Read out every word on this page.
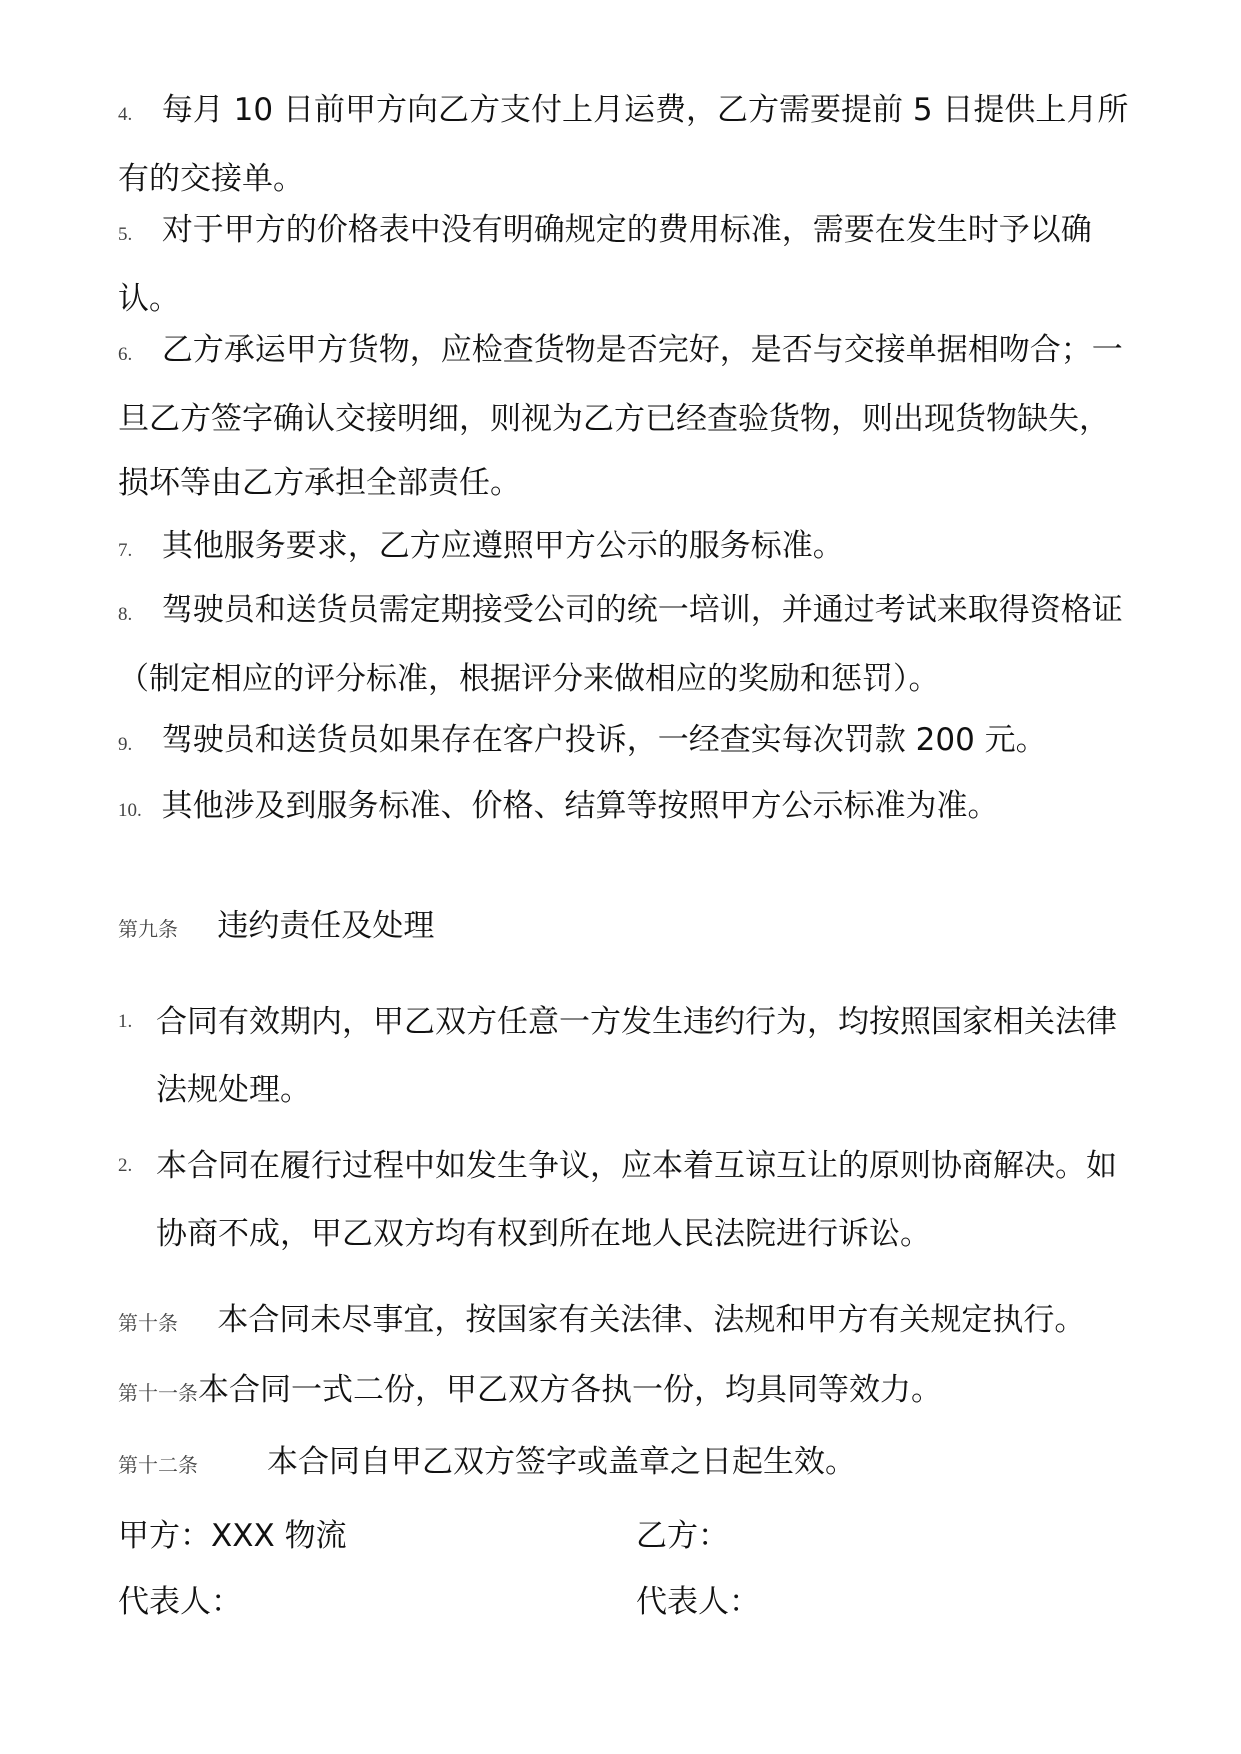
4. 每月 10 日前甲方向乙方支付上月运费，乙方需要提前 5 日提供上月所有的交接单。
5. 对于甲方的价格表中没有明确规定的费用标准，需要在发生时予以确认。
6. 乙方承运甲方货物，应检查货物是否完好，是否与交接单据相吻合；一旦乙方签字确认交接明细，则视为乙方已经查验货物，则出现货物缺失，损坏等由乙方承担全部责任。
7. 其他服务要求，乙方应遵照甲方公示的服务标准。
8. 驾驶员和送货员需定期接受公司的统一培训，并通过考试来取得资格证（制定相应的评分标准，根据评分来做相应的奖励和惩罚）。
9. 驾驶员和送货员如果存在客户投诉，一经查实每次罚款 200 元。
10. 其他涉及到服务标准、价格、结算等按照甲方公示标准为准。
第九条 违约责任及处理
1. 合同有效期内，甲乙双方任意一方发生违约行为，均按照国家相关法律法规处理。
2. 本合同在履行过程中如发生争议，应本着互谅互让的原则协商解决。如协商不成，甲乙双方均有权到所在地人民法院进行诉讼。
第十条 本合同未尽事宜，按国家有关法律、法规和甲方有关规定执行。
第十一条本合同一式二份，甲乙双方各执一份，均具同等效力。
第十二条 本合同自甲乙双方签字或盖章之日起生效。
甲方：XXX 物流	乙方：
代表人：	代表人：
